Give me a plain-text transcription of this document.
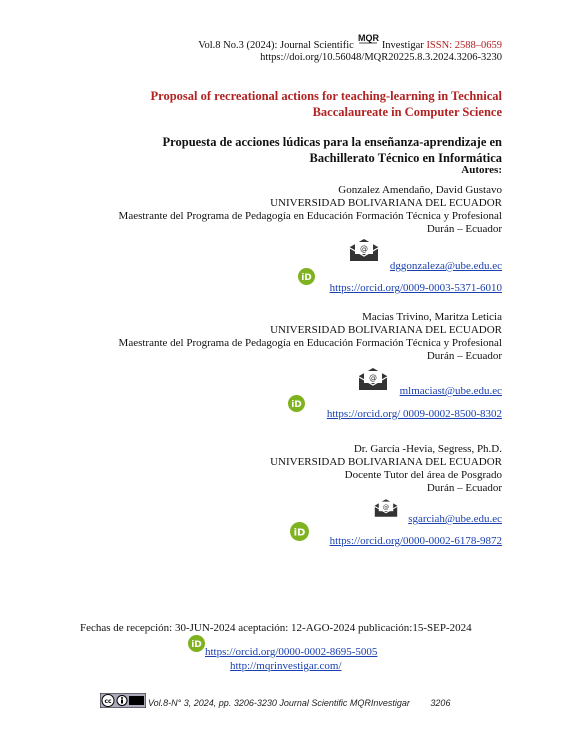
Vol.8 No.3 (2024): Journal Scientific
MQR
Investigar ISSN: 2588–0659
https://doi.org/10.56048/MQR20225.8.3.2024.3206-3230
Proposal of recreational actions for teaching-learning in Technical
Baccalaureate in Computer Science
Propuesta de acciones lúdicas para la enseñanza-aprendizaje en
Bachillerato Técnico en Informática
Autores:
Gonzalez Amendaño, David Gustavo
UNIVERSIDAD BOLIVARIANA DEL ECUADOR
Maestrante del Programa de Pedagogía en Educación Formación Técnica y Profesional
Durán – Ecuador
@
dggonzaleza@ube.edu.ec
iD
https://orcid.org/0009-0003-5371-6010
Macias Trivino, Maritza Leticia
UNIVERSIDAD BOLIVARIANA DEL ECUADOR
Maestrante del Programa de Pedagogía en Educación Formación Técnica y Profesional
Durán – Ecuador
@
mlmaciast@ube.edu.ec
iD
https://orcid.org/ 0009-0002-8500-8302
Dr. García -Hevia, Segress, Ph.D.
UNIVERSIDAD BOLIVARIANA DEL ECUADOR
Docente Tutor del área de Posgrado
Durán – Ecuador
@
sgarciah@ube.edu.ec
iD
https://orcid.org/0000-0002-6178-9872
Fechas de recepción: 30-JUN-2024 aceptación: 12-AGO-2024 publicación:15-SEP-2024
iD
https://orcid.org/0000-0002-8695-5005
http://mqrinvestigar.com/
cc	Vol.8-N° 3, 2024, pp. 3206-3230 Journal Scientific MQRInvestigar 3206
